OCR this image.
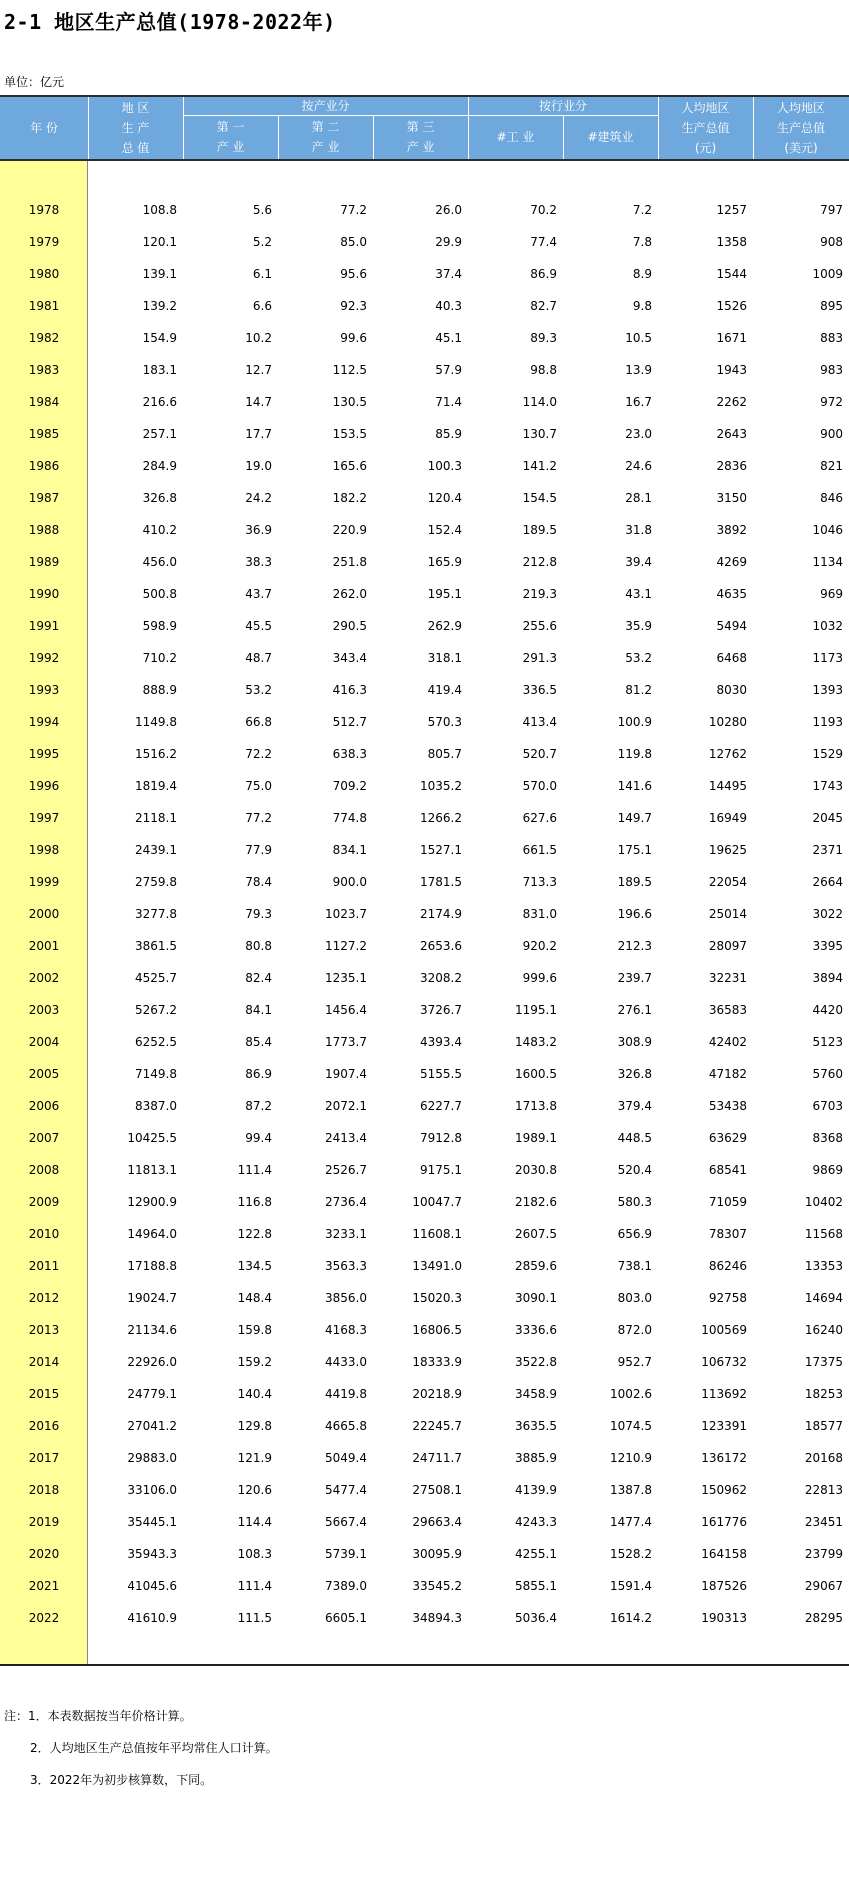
2-1 地区生产总值(1978-2022年)
单位：亿元
年 份
地 区
生 产
总 值
按产业分
第 一
产 业
第 二
产 业
第 三
产 业
按行业分
#工 业	#建筑业
人均地区
生产总值
(元)
人均地区
生产总值
(美元)
1978	108.8	5.6	77.2	26.0	70.2	7.2	1257	797
1979	120.1	5.2	85.0	29.9	77.4	7.8	1358	908
1980	139.1	6.1	95.6	37.4	86.9	8.9	1544	1009
1981	139.2	6.6	92.3	40.3	82.7	9.8	1526	895
1982	154.9	10.2	99.6	45.1	89.3	10.5	1671	883
1983	183.1	12.7	112.5	57.9	98.8	13.9	1943	983
1984	216.6	14.7	130.5	71.4	114.0	16.7	2262	972
1985	257.1	17.7	153.5	85.9	130.7	23.0	2643	900
1986	284.9	19.0	165.6	100.3	141.2	24.6	2836	821
1987	326.8	24.2	182.2	120.4	154.5	28.1	3150	846
1988	410.2	36.9	220.9	152.4	189.5	31.8	3892	1046
1989	456.0	38.3	251.8	165.9	212.8	39.4	4269	1134
1990	500.8	43.7	262.0	195.1	219.3	43.1	4635	969
1991	598.9	45.5	290.5	262.9	255.6	35.9	5494	1032
1992	710.2	48.7	343.4	318.1	291.3	53.2	6468	1173
1993	888.9	53.2	416.3	419.4	336.5	81.2	8030	1393
1994	1149.8	66.8	512.7	570.3	413.4	100.9	10280	1193
1995	1516.2	72.2	638.3	805.7	520.7	119.8	12762	1529
1996	1819.4	75.0	709.2	1035.2	570.0	141.6	14495	1743
1997	2118.1	77.2	774.8	1266.2	627.6	149.7	16949	2045
1998	2439.1	77.9	834.1	1527.1	661.5	175.1	19625	2371
1999	2759.8	78.4	900.0	1781.5	713.3	189.5	22054	2664
2000	3277.8	79.3	1023.7	2174.9	831.0	196.6	25014	3022
2001	3861.5	80.8	1127.2	2653.6	920.2	212.3	28097	3395
2002	4525.7	82.4	1235.1	3208.2	999.6	239.7	32231	3894
2003	5267.2	84.1	1456.4	3726.7	1195.1	276.1	36583	4420
2004	6252.5	85.4	1773.7	4393.4	1483.2	308.9	42402	5123
2005	7149.8	86.9	1907.4	5155.5	1600.5	326.8	47182	5760
2006	8387.0	87.2	2072.1	6227.7	1713.8	379.4	53438	6703
2007	10425.5	99.4	2413.4	7912.8	1989.1	448.5	63629	8368
2008	11813.1	111.4	2526.7	9175.1	2030.8	520.4	68541	9869
2009	12900.9	116.8	2736.4	10047.7	2182.6	580.3	71059	10402
2010	14964.0	122.8	3233.1	11608.1	2607.5	656.9	78307	11568
2011	17188.8	134.5	3563.3	13491.0	2859.6	738.1	86246	13353
2012	19024.7	148.4	3856.0	15020.3	3090.1	803.0	92758	14694
2013	21134.6	159.8	4168.3	16806.5	3336.6	872.0	100569	16240
2014	22926.0	159.2	4433.0	18333.9	3522.8	952.7	106732	17375
2015	24779.1	140.4	4419.8	20218.9	3458.9	1002.6	113692	18253
2016	27041.2	129.8	4665.8	22245.7	3635.5	1074.5	123391	18577
2017	29883.0	121.9	5049.4	24711.7	3885.9	1210.9	136172	20168
2018	33106.0	120.6	5477.4	27508.1	4139.9	1387.8	150962	22813
2019	35445.1	114.4	5667.4	29663.4	4243.3	1477.4	161776	23451
2020	35943.3	108.3	5739.1	30095.9	4255.1	1528.2	164158	23799
2021	41045.6	111.4	7389.0	33545.2	5855.1	1591.4	187526	29067
2022	41610.9	111.5	6605.1	34894.3	5036.4	1614.2	190313	28295
注：1．本表数据按当年价格计算。
2．人均地区生产总值按年平均常住人口计算。
3．2022年为初步核算数，下同。
